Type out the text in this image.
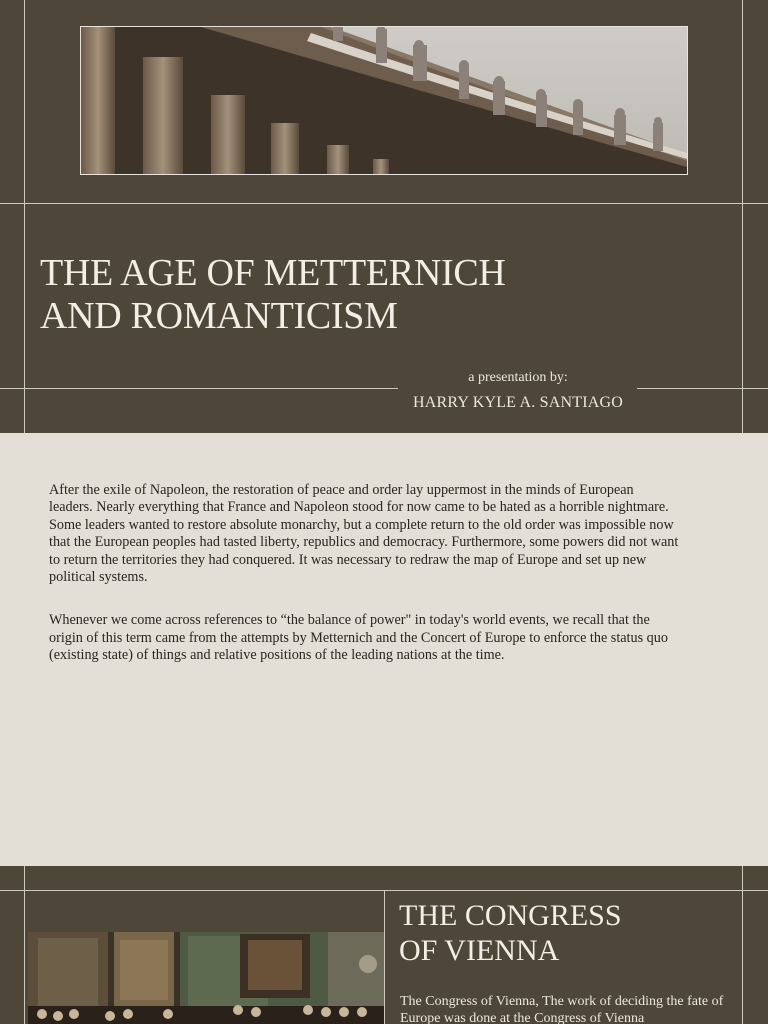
THE AGE OF METTERNICH
AND ROMANTICISM
a presentation by:
HARRY KYLE A. SANTIAGO

After the exile of Napoleon, the restoration of peace and order lay uppermost in the minds of European leaders. Nearly everything that France and Napoleon stood for now came to be hated as a horrible nightmare. Some leaders wanted to restore absolute monarchy, but a complete return to the old order was impossible now that the European peoples had tasted liberty, republics and democracy. Furthermore, some powers did not want to return the territories they had conquered. It was necessary to redraw the map of Europe and set up new political systems.

Whenever we come across references to “the balance of power" in today's world events, we recall that the origin of this term came from the attempts by Metternich and the Concert of Europe to enforce the status quo (existing state) of things and relative positions of the leading nations at the time.

THE CONGRESS
OF VIENNA
The Congress of Vienna, The work of deciding the fate of Europe was done at the Congress of Vienna
